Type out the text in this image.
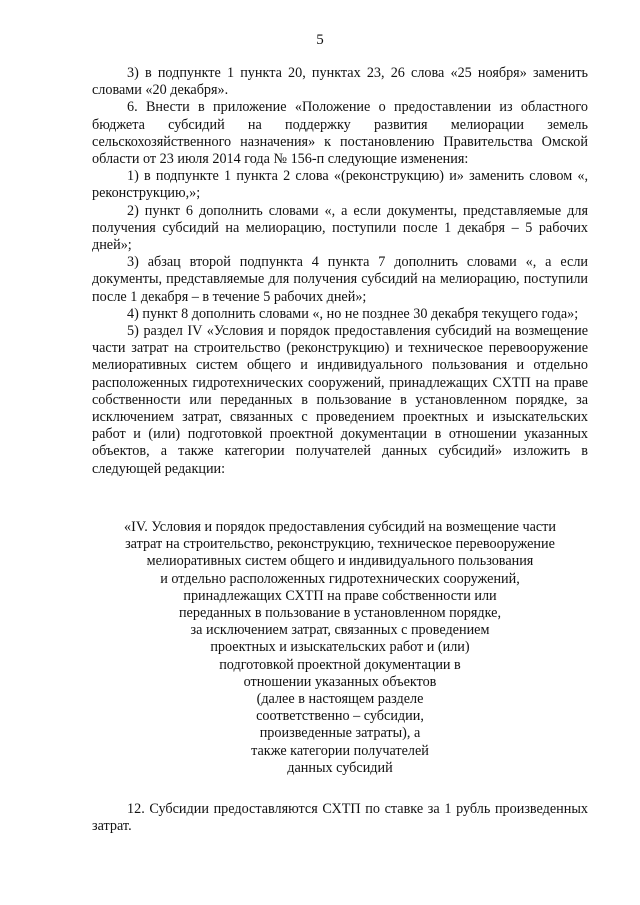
5

3) в подпункте 1 пункта 20, пунктах 23, 26 слова «25 ноября» заменить словами «20 декабря».

6. Внести в приложение «Положение о предоставлении из областного бюджета субсидий на поддержку развития мелиорации земель сельскохозяйственного назначения» к постановлению Правительства Омской области от 23 июля 2014 года № 156-п следующие изменения:

1) в подпункте 1 пункта 2 слова «(реконструкцию) и» заменить словом «, реконструкцию,»;

2) пункт 6 дополнить словами «, а если документы, представляемые для получения субсидий на мелиорацию, поступили после 1 декабря – 5 рабочих дней»;

3) абзац второй подпункта 4 пункта 7 дополнить словами «, а если документы, представляемые для получения субсидий на мелиорацию, поступили после 1 декабря – в течение 5 рабочих дней»;

4) пункт 8 дополнить словами «, но не позднее 30 декабря текущего года»;

5) раздел IV «Условия и порядок предоставления субсидий на возмещение части затрат на строительство (реконструкцию) и техническое перевооружение мелиоративных систем общего и индивидуального пользования и отдельно расположенных гидротехнических сооружений, принадлежащих СХТП на праве собственности или переданных в пользование в установленном порядке, за исключением затрат, связанных с проведением проектных и изыскательских работ и (или) подготовкой проектной документации в отношении указанных объектов, а также категории получателей данных субсидий» изложить в следующей редакции:

«IV. Условия и порядок предоставления субсидий на возмещение части
затрат на строительство, реконструкцию, техническое перевооружение
мелиоративных систем общего и индивидуального пользования
и отдельно расположенных гидротехнических сооружений,
принадлежащих СХТП на праве собственности или
переданных в пользование в установленном порядке,
за исключением затрат, связанных с проведением
проектных и изыскательских работ и (или)
подготовкой проектной документации в
отношении указанных объектов
(далее в настоящем разделе
соответственно – субсидии,
произведенные затраты), а
также категории получателей
данных субсидий

12. Субсидии предоставляются СХТП по ставке за 1 рубль произведенных затрат.
